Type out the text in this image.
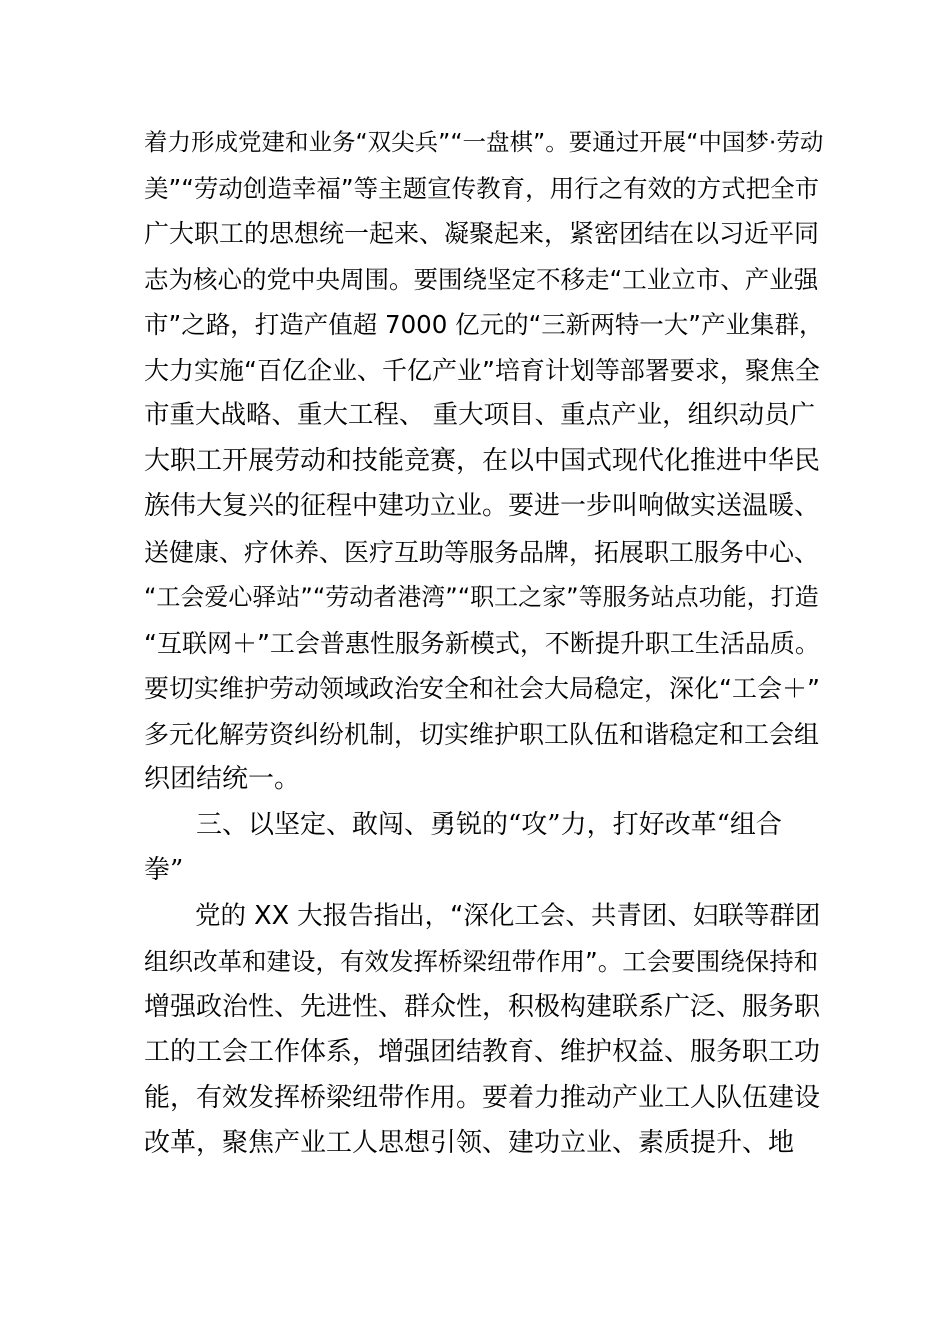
着力形成党建和业务“双尖兵”“一盘棋”。要通过开展“中国梦·劳动
美”“劳动创造幸福”等主题宣传教育，用行之有效的方式把全市
广大职工的思想统一起来、凝聚起来，紧密团结在以习近平同
志为核心的党中央周围。要围绕坚定不移走“工业立市、产业强
市”之路，打造产值超 7000 亿元的“三新两特一大”产业集群，
大力实施“百亿企业、千亿产业”培育计划等部署要求，聚焦全
市重大战略、重大工程、 重大项目、重点产业，组织动员广
大职工开展劳动和技能竞赛，在以中国式现代化推进中华民
族伟大复兴的征程中建功立业。要进一步叫响做实送温暖、
送健康、疗休养、医疗互助等服务品牌，拓展职工服务中心、
“工会爱心驿站”“劳动者港湾”“职工之家”等服务站点功能，打造
“互联网＋”工会普惠性服务新模式，不断提升职工生活品质。
要切实维护劳动领域政治安全和社会大局稳定，深化“工会＋”
多元化解劳资纠纷机制，切实维护职工队伍和谐稳定和工会组
织团结统一。
　　三、以坚定、敢闯、勇锐的“攻”力，打好改革“组合
拳”
　　党的 XX 大报告指出，“深化工会、共青团、妇联等群团
组织改革和建设，有效发挥桥梁纽带作用”。工会要围绕保持和
增强政治性、先进性、群众性，积极构建联系广泛、服务职
工的工会工作体系，增强团结教育、维护权益、服务职工功
能，有效发挥桥梁纽带作用。要着力推动产业工人队伍建设
改革，聚焦产业工人思想引领、建功立业、素质提升、地
